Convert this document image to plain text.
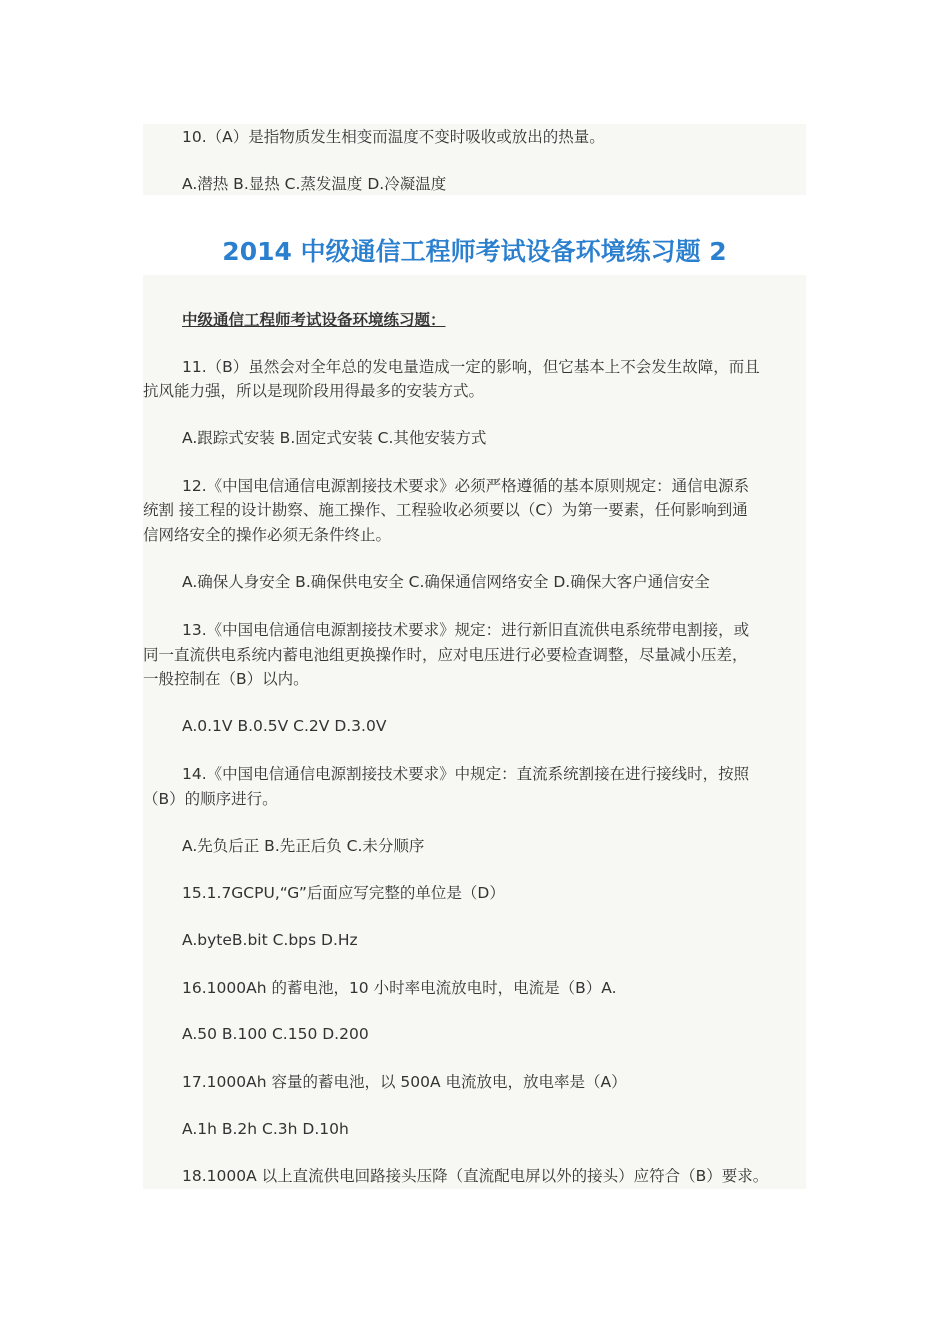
10.（A）是指物质发生相变而温度不变时吸收或放出的热量。
A.潜热 B.显热 C.蒸发温度 D.冷凝温度
2014 中级通信工程师考试设备环境练习题 2
中级通信工程师考试设备环境练习题：
11.（B）虽然会对全年总的发电量造成一定的影响，但它基本上不会发生故障，而且
抗风能力强，所以是现阶段用得最多的安装方式。
A.跟踪式安装 B.固定式安装 C.其他安装方式
12.《中国电信通信电源割接技术要求》必须严格遵循的基本原则规定：通信电源系
统割 接工程的设计勘察、施工操作、工程验收必须要以（C）为第一要素，任何影响到通
信网络安全的操作必须无条件终止。
A.确保人身安全 B.确保供电安全 C.确保通信网络安全 D.确保大客户通信安全
13.《中国电信通信电源割接技术要求》规定：进行新旧直流供电系统带电割接，或
同一直流供电系统内蓄电池组更换操作时，应对电压进行必要检查调整，尽量减小压差，
一般控制在（B）以内。
A.0.1V B.0.5V C.2V D.3.0V
14.《中国电信通信电源割接技术要求》中规定：直流系统割接在进行接线时，按照
（B）的顺序进行。
A.先负后正 B.先正后负 C.未分顺序
15.1.7GCPU,“G”后面应写完整的单位是（D）
A.byteB.bit C.bps D.Hz
16.1000Ah 的蓄电池，10 小时率电流放电时，电流是（B）A.
A.50 B.100 C.150 D.200
17.1000Ah 容量的蓄电池，以 500A 电流放电，放电率是（A）
A.1h B.2h C.3h D.10h
18.1000A 以上直流供电回路接头压降（直流配电屏以外的接头）应符合（B）要求。
